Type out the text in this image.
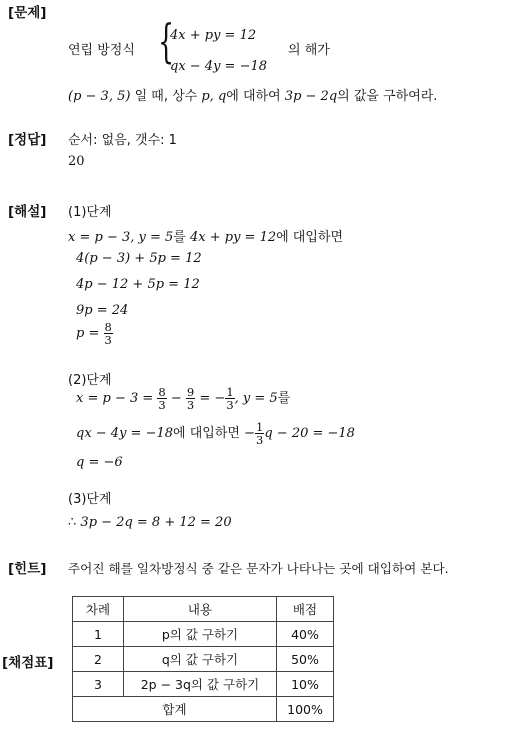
[문제]
[정답]
[해설]
[힌트]
[채점표]
연립 방정식 {
4x + py = 12
qx − 4y = −18
의 해가
(p − 3, 5) 일 때, 상수 p, q에 대하여 3p − 2q의 값을 구하여라.
순서: 없음, 갯수: 1
20
(1)단계
x = p − 3, y = 5를 4x + py = 12에 대입하면
4(p − 3) + 5p = 12
4p − 12 + 5p = 12
9p = 24
$p = \frac{8}{3}$
(2)단계
$x = p - 3 = \frac{8}{3} - \frac{9}{3}$ = − $\frac{1}{3}$ , y = 5를
qx − 4y = −18에 대입하면 − $\frac{1}{3}$ q − 20 = −18
q = −6
(3)단계
∴ 3p − 2q = 8 + 12 = 20
주어진 해를 일차방정식 중 같은 문자가 나타나는 곳에 대입하여 본다.
차례	내용	배점
1	p의 값 구하기	40%
2	q의 값 구하기	50%
3	2p − 3q의 값 구하기	10%
합계		100%
